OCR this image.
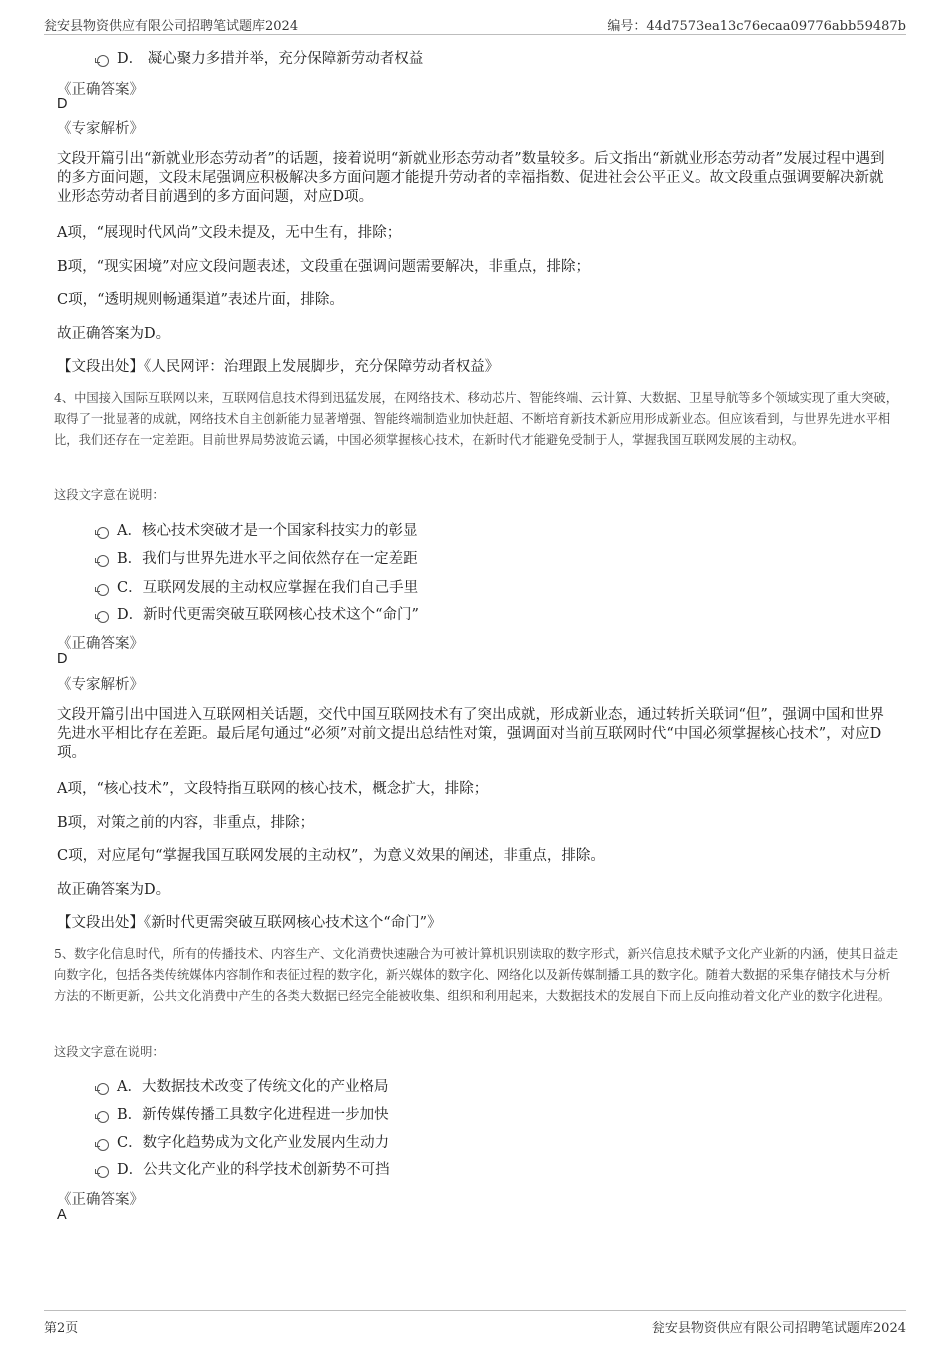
瓮安县物资供应有限公司招聘笔试题库2024	编号：44d7573ea13c76ecaa09776abb59487b
D． 凝心聚力多措并举，充分保障新劳动者权益
《正确答案》
D
《专家解析》
文段开篇引出“新就业形态劳动者”的话题，接着说明“新就业形态劳动者”数量较多。后文指出“新就业形态劳动者”发展过程中遇到的多方面问题，文段末尾强调应积极解决多方面问题才能提升劳动者的幸福指数、促进社会公平正义。故文段重点强调要解决新就业形态劳动者目前遇到的多方面问题，对应D项。
A项，“展现时代风尚”文段未提及，无中生有，排除；
B项，“现实困境”对应文段问题表述，文段重在强调问题需要解决，非重点，排除；
C项，“透明规则畅通渠道”表述片面，排除。
故正确答案为D。
【文段出处】《人民网评：治理跟上发展脚步，充分保障劳动者权益》
4、中国接入国际互联网以来，互联网信息技术得到迅猛发展，在网络技术、移动芯片、智能终端、云计算、大数据、卫星导航等多个领域实现了重大突破，取得了一批显著的成就，网络技术自主创新能力显著增强、智能终端制造业加快赶超、不断培育新技术新应用形成新业态。但应该看到，与世界先进水平相比，我们还存在一定差距。目前世界局势波诡云谲，中国必须掌握核心技术，在新时代才能避免受制于人，掌握我国互联网发展的主动权。
这段文字意在说明：
A．核心技术突破才是一个国家科技实力的彰显
B．我们与世界先进水平之间依然存在一定差距
C．互联网发展的主动权应掌握在我们自己手里
D．新时代更需突破互联网核心技术这个“命门”
《正确答案》
D
《专家解析》
文段开篇引出中国进入互联网相关话题，交代中国互联网技术有了突出成就，形成新业态，通过转折关联词“但”，强调中国和世界先进水平相比存在差距。最后尾句通过“必须”对前文提出总结性对策，强调面对当前互联网时代“中国必须掌握核心技术”，对应D项。
A项，“核心技术”，文段特指互联网的核心技术，概念扩大，排除；
B项，对策之前的内容，非重点，排除；
C项，对应尾句“掌握我国互联网发展的主动权”，为意义效果的阐述，非重点，排除。
故正确答案为D。
【文段出处】《新时代更需突破互联网核心技术这个“命门”》
5、数字化信息时代，所有的传播技术、内容生产、文化消费快速融合为可被计算机识别读取的数字形式，新兴信息技术赋予文化产业新的内涵，使其日益走向数字化，包括各类传统媒体内容制作和表征过程的数字化，新兴媒体的数字化、网络化以及新传媒制播工具的数字化。随着大数据的采集存储技术与分析方法的不断更新，公共文化消费中产生的各类大数据已经完全能被收集、组织和利用起来，大数据技术的发展自下而上反向推动着文化产业的数字化进程。
这段文字意在说明：
A．大数据技术改变了传统文化的产业格局
B．新传媒传播工具数字化进程进一步加快
C．数字化趋势成为文化产业发展内生动力
D．公共文化产业的科学技术创新势不可挡
《正确答案》
A
第2页	瓮安县物资供应有限公司招聘笔试题库2024
